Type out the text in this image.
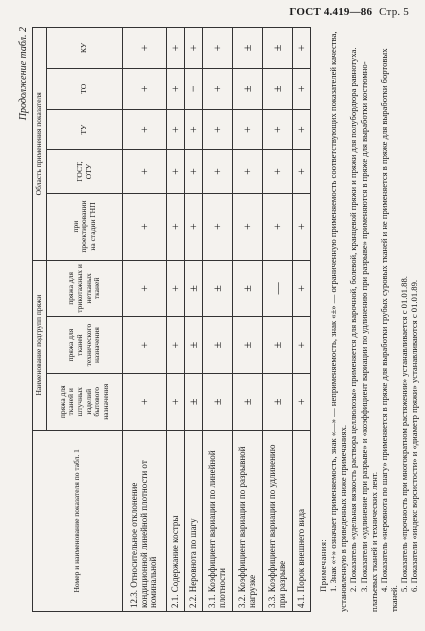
ГОСТ 4.419—86 Стр. 5
Продолжение табл. 2
Номер и наименование показателя по табл. 1	Наименование подгрупп пряжи			Область применения показателя				
	пряжа для тканей и штучных изделий бытового назначения	пряжа для тканей технического назначения	пряжа для трикотажных и нетканых тканей	при проектировании на стадии ГНП	ГОСТ, ОТУ	ТУ	ТО	КУ
12.3. Относительное отклонение кондиционной линейной плотности от номинальной	+	+	+	+	+	+	+	+
2.1. Содержание костры	+	+	+	+	+	+	+	+
2.2. Неровнота по шагу	±	±	±	+	+	+	−	+
3.1. Коэффициент вариации по линейной плотности	±	±	±	+	+	+	+	+
3.2. Коэффициент вариации по разрывной нагрузке	±	±	±	+	+	+	±	±
3.3. Коэффициент вариации по удлинению при разрыве	±	±	—	+	+	+	±	±
4.1. Порок внешнего вида	+	+	+	+	+	+	+	+
Примечания: 1. Знак «+» означает применяемость, знак «—» — неприменяемость, знак «±» — ограниченную применяемость соответствующих показателей качества, установленную в приведенных ниже примечаниях. 2. Показатель «удельная вязкость раствора целлюлозы» применяется для варочной, болевой, кранцевой пряжи и пряжи для полубордюра равнотуха. 3. Показатели «удлинение при разрыве» и «коэффициент вариации по удлинению при разрыве» применяются в пряже для выработки костюмно-платьевых тканей и технических лент. 4. Показатель «неровнота по шагу» применяется в пряже для выработки грубых суровых тканей и не применяется в пряже для выработки бортовых тканей.

5. Показатель «прочность при многократном растяжении» устанавливается с 01.01.88. 6. Показатели «индекс ворсистости» и «диаметр пряжи» устанавливаются с 01.01.89.
